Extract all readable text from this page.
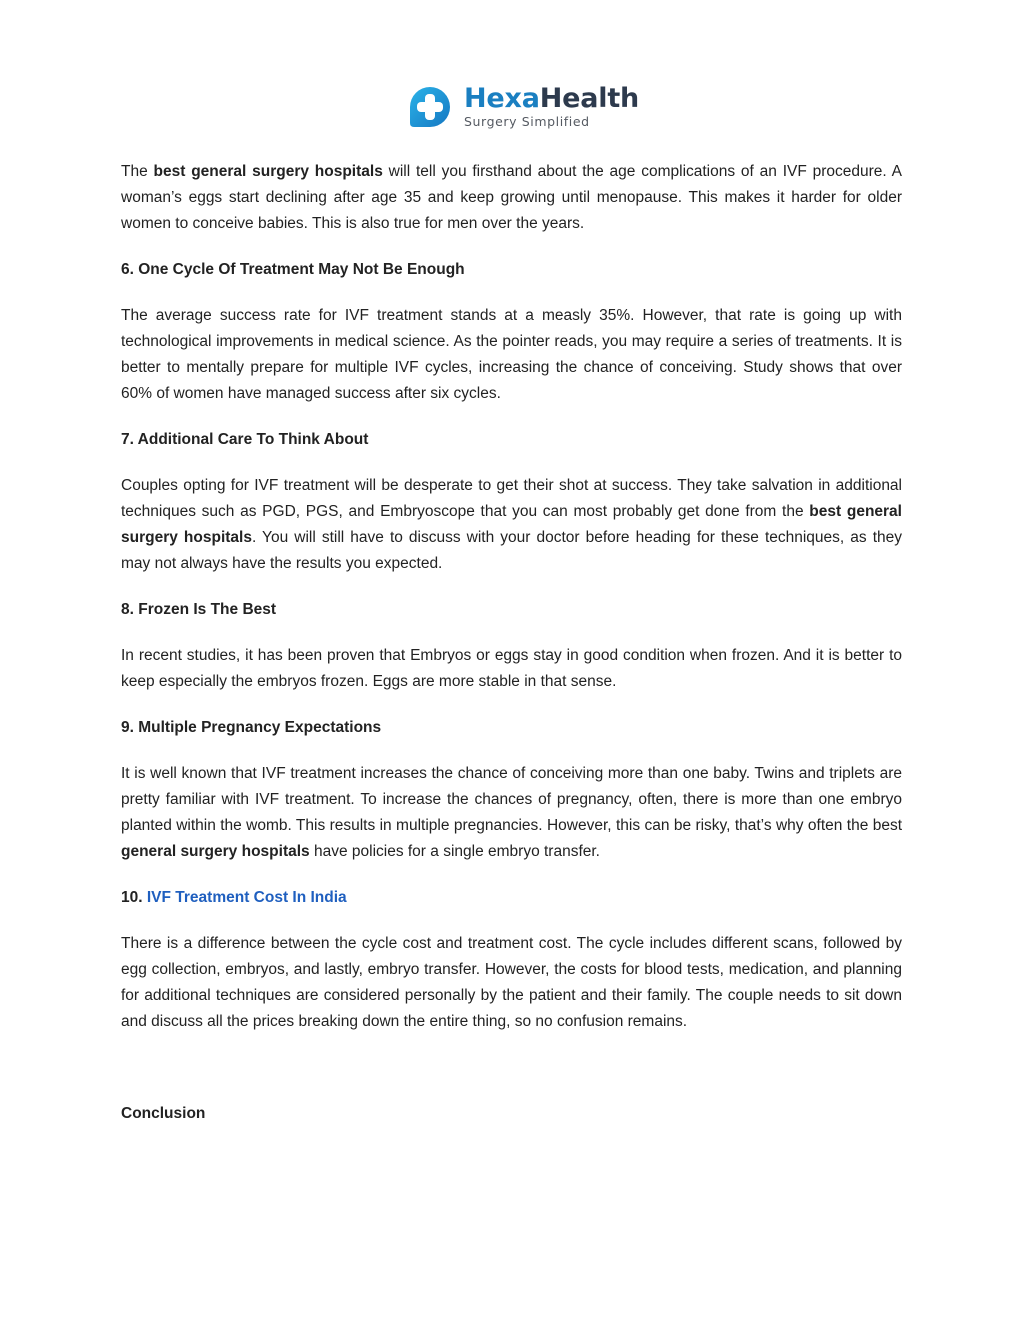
HexaHealth
Surgery Simplified

The best general surgery hospitals will tell you firsthand about the age complications of an IVF procedure. A woman’s eggs start declining after age 35 and keep growing until menopause. This makes it harder for older women to conceive babies. This is also true for men over the years.

6. One Cycle Of Treatment May Not Be Enough

The average success rate for IVF treatment stands at a measly 35%. However, that rate is going up with technological improvements in medical science. As the pointer reads, you may require a series of treatments. It is better to mentally prepare for multiple IVF cycles, increasing the chance of conceiving. Study shows that over 60% of women have managed success after six cycles.

7. Additional Care To Think About

Couples opting for IVF treatment will be desperate to get their shot at success. They take salvation in additional techniques such as PGD, PGS, and Embryoscope that you can most probably get done from the best general surgery hospitals. You will still have to discuss with your doctor before heading for these techniques, as they may not always have the results you expected.

8. Frozen Is The Best

In recent studies, it has been proven that Embryos or eggs stay in good condition when frozen. And it is better to keep especially the embryos frozen. Eggs are more stable in that sense.

9. Multiple Pregnancy Expectations

It is well known that IVF treatment increases the chance of conceiving more than one baby. Twins and triplets are pretty familiar with IVF treatment. To increase the chances of pregnancy, often, there is more than one embryo planted within the womb. This results in multiple pregnancies. However, this can be risky, that’s why often the best general surgery hospitals have policies for a single embryo transfer.

10. IVF Treatment Cost In India

There is a difference between the cycle cost and treatment cost. The cycle includes different scans, followed by egg collection, embryos, and lastly, embryo transfer. However, the costs for blood tests, medication, and planning for additional techniques are considered personally by the patient and their family. The couple needs to sit down and discuss all the prices breaking down the entire thing, so no confusion remains.

Conclusion
